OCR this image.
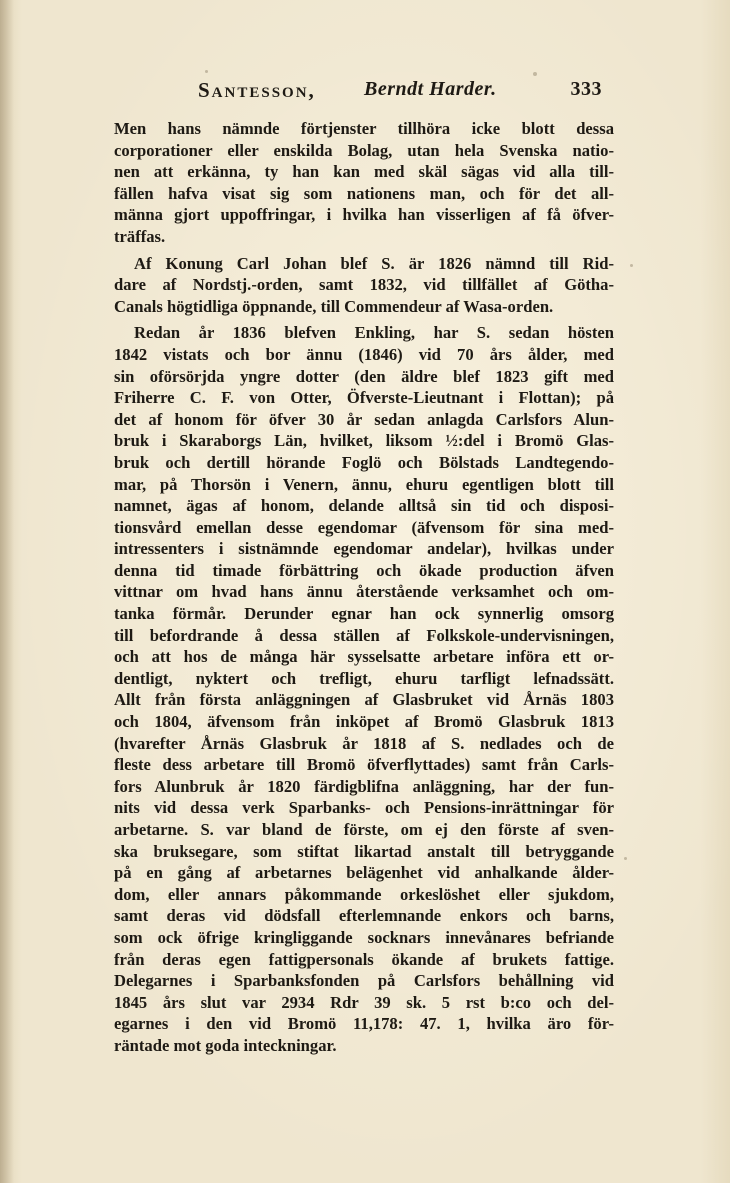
Santesson, Berndt Harder.	333

Men hans nämnde förtjenster tillhöra icke blott dessa
corporationer eller enskilda Bolag, utan hela Svenska natio-
nen att erkänna, ty han kan med skäl sägas vid alla till-
fällen hafva visat sig som nationens man, och för det all-
männa gjort uppoffringar, i hvilka han visserligen af få öfver-
träffas.

Af Konung Carl Johan blef S. är 1826 nämnd till Rid-
dare af Nordstj.-orden, samt 1832, vid tillfället af Götha-
Canals högtidliga öppnande, till Commendeur af Wasa-orden.

Redan år 1836 blefven Enkling, har S. sedan hösten
1842 vistats och bor ännu (1846) vid 70 års ålder, med
sin oförsörjda yngre dotter (den äldre blef 1823 gift med
Friherre C. F. von Otter, Öfverste-Lieutnant i Flottan); på
det af honom för öfver 30 år sedan anlagda Carlsfors Alun-
bruk i Skaraborgs Län, hvilket, liksom ½:del i Bromö Glas-
bruk och dertill hörande Foglö och Bölstads Landtegendo-
mar, på Thorsön i Venern, ännu, ehuru egentligen blott till
namnet, ägas af honom, delande alltså sin tid och disposi-
tionsvård emellan desse egendomar (äfvensom för sina med-
intressenters i sistnämnde egendomar andelar), hvilkas under
denna tid timade förbättring och ökade production äfven
vittnar om hvad hans ännu återstående verksamhet och om-
tanka förmår. Derunder egnar han ock synnerlig omsorg
till befordrande å dessa ställen af Folkskole-undervisningen,
och att hos de många här sysselsatte arbetare införa ett or-
dentligt, nyktert och trefligt, ehuru tarfligt lefnadssätt.
Allt från första anläggningen af Glasbruket vid Årnäs 1803
och 1804, äfvensom från inköpet af Bromö Glasbruk 1813
(hvarefter Årnäs Glasbruk år 1818 af S. nedlades och de
fleste dess arbetare till Bromö öfverflyttades) samt från Carls-
fors Alunbruk år 1820 färdigblifna anläggning, har der fun-
nits vid dessa verk Sparbanks- och Pensions-inrättningar för
arbetarne. S. var bland de förste, om ej den förste af sven-
ska bruksegare, som stiftat likartad anstalt till betryggande
på en gång af arbetarnes belägenhet vid anhalkande ålder-
dom, eller annars påkommande orkeslöshet eller sjukdom,
samt deras vid dödsfall efterlemnande enkors och barns,
som ock öfrige kringliggande socknars innevånares befriande
från deras egen fattigpersonals ökande af brukets fattige.
Delegarnes i Sparbanksfonden på Carlsfors behållning vid
1845 års slut var 2934 Rdr 39 sk. 5 rst b:co och del-
egarnes i den vid Bromö 11,178: 47. 1, hvilka äro för-
räntade mot goda inteckningar.
